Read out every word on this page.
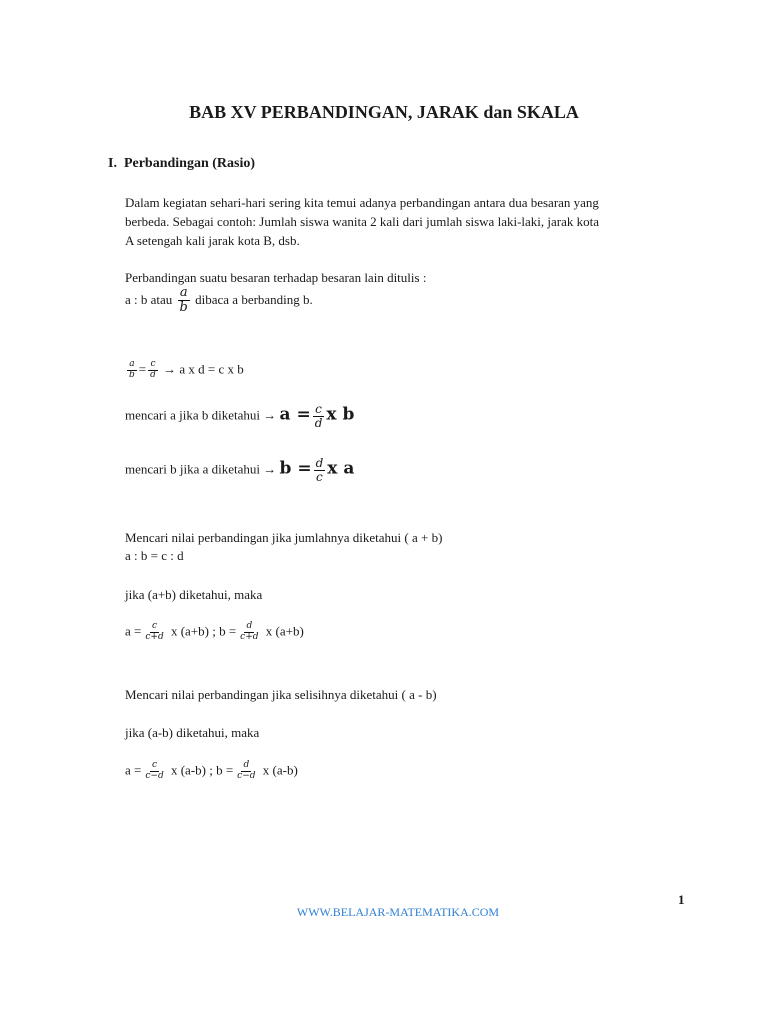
BAB XV PERBANDINGAN, JARAK dan SKALA
I. Perbandingan (Rasio)
Dalam kegiatan sehari-hari sering kita temui adanya perbandingan antara dua besaran yang
berbeda. Sebagai contoh: Jumlah siswa wanita 2 kali dari jumlah siswa laki-laki, jarak kota
A setengah kali jarak kota B, dsb.
Perbandingan suatu besaran terhadap besaran lain ditulis :
a : b atau $\frac{a}{b}$ dibaca a berbanding b.
$\frac{a}{b} = \frac{c}{d} \to a$ x d = c x b
mencari a jika b diketahui → $a = \frac{c}{d}$ x b
mencari b jika a diketahui → $b = \frac{d}{c}$ x a
Mencari nilai perbandingan jika jumlahnya diketahui ( a + b)
a : b = c : d
jika (a+b) diketahui, maka
$a = \frac{c}{c+d}$ x (a+b) ; $b = \frac{d}{c+d}$ x (a+b)
Mencari nilai perbandingan jika selisihnya diketahui ( a - b)
jika (a-b) diketahui, maka
$a = \frac{c}{c-d}$ x (a-b) ; $b = \frac{d}{c-d}$ x (a-b)
1
WWW.BELAJAR-MATEMATIKA.COM
